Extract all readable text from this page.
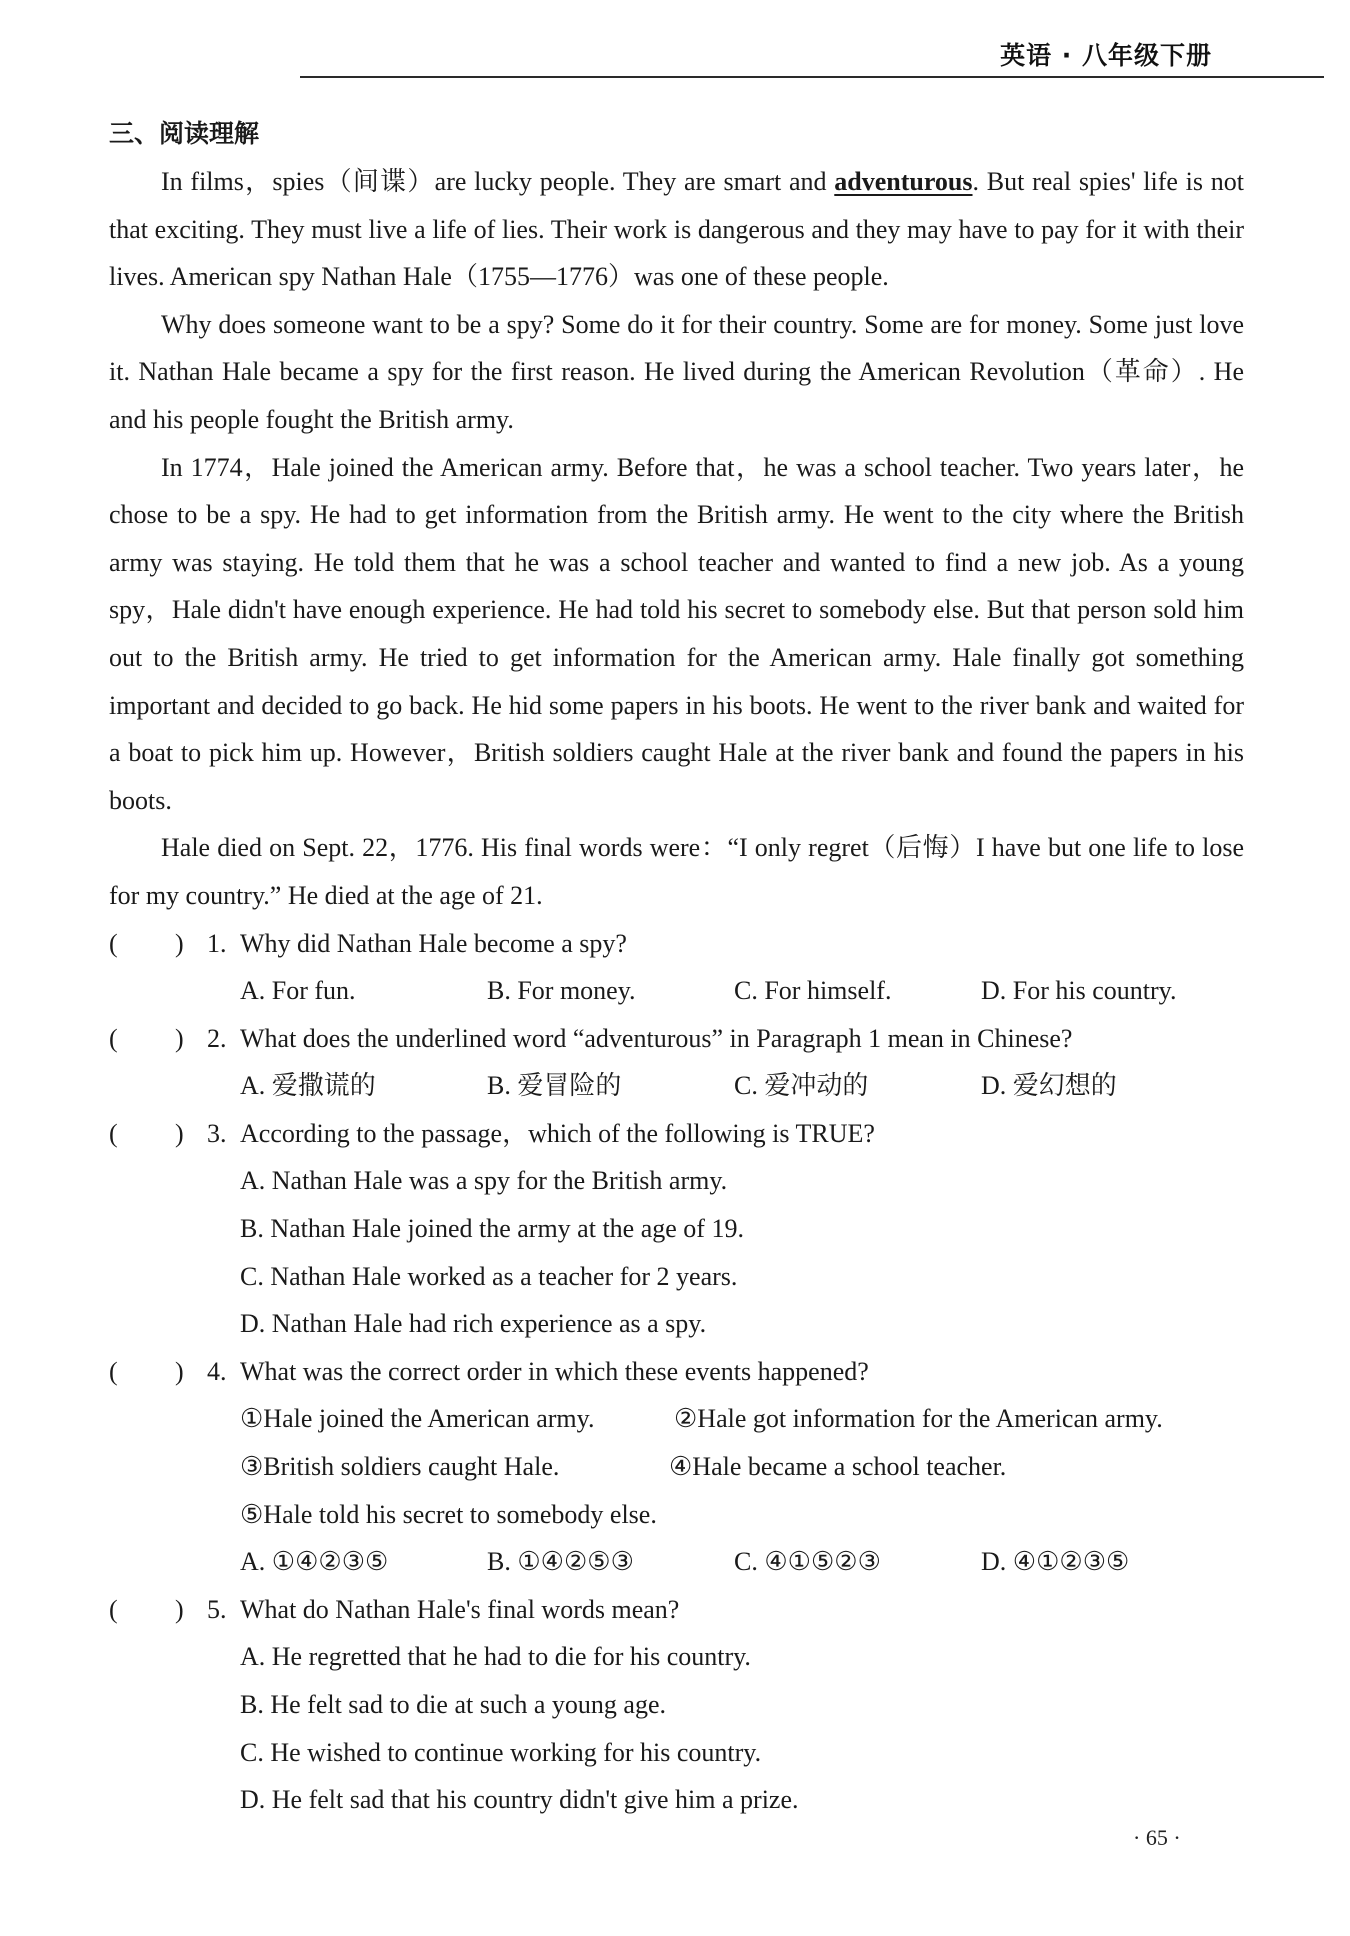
英语 · 八年级下册
三、阅读理解

In films，spies（间谍）are lucky people. They are smart and adventurous. But real spies' life is not that exciting. They must live a life of lies. Their work is dangerous and they may have to pay for it with their lives. American spy Nathan Hale（1755—1776）was one of these people.

Why does someone want to be a spy? Some do it for their country. Some are for money. Some just love it. Nathan Hale became a spy for the first reason. He lived during the American Revolution（革命）. He and his people fought the British army.

In 1774，Hale joined the American army. Before that，he was a school teacher. Two years later，he chose to be a spy. He had to get information from the British army. He went to the city where the British army was staying. He told them that he was a school teacher and wanted to find a new job. As a young spy，Hale didn't have enough experience. He had told his secret to somebody else. But that person sold him out to the British army. He tried to get information for the American army. Hale finally got something important and decided to go back. He hid some papers in his boots. He went to the river bank and waited for a boat to pick him up. However，British soldiers caught Hale at the river bank and found the papers in his boots.

Hale died on Sept. 22，1776. His final words were：“I only regret（后悔）I have but one life to lose for my country.” He died at the age of 21.

( ) 1. Why did Nathan Hale become a spy?
A. For fun.	B. For money.	C. For himself.	D. For his country.
( ) 2. What does the underlined word “adventurous” in Paragraph 1 mean in Chinese?
A. 爱撒谎的	B. 爱冒险的	C. 爱冲动的	D. 爱幻想的
( ) 3. According to the passage，which of the following is TRUE?
A. Nathan Hale was a spy for the British army.
B. Nathan Hale joined the army at the age of 19.
C. Nathan Hale worked as a teacher for 2 years.
D. Nathan Hale had rich experience as a spy.
( ) 4. What was the correct order in which these events happened?
①Hale joined the American army.	②Hale got information for the American army.
③British soldiers caught Hale.	④Hale became a school teacher.
⑤Hale told his secret to somebody else.
A. ①④②③⑤	B. ①④②⑤③	C. ④①⑤②③	D. ④①②③⑤
( ) 5. What do Nathan Hale's final words mean?
A. He regretted that he had to die for his country.
B. He felt sad to die at such a young age.
C. He wished to continue working for his country.
D. He felt sad that his country didn't give him a prize.
· 65 ·
